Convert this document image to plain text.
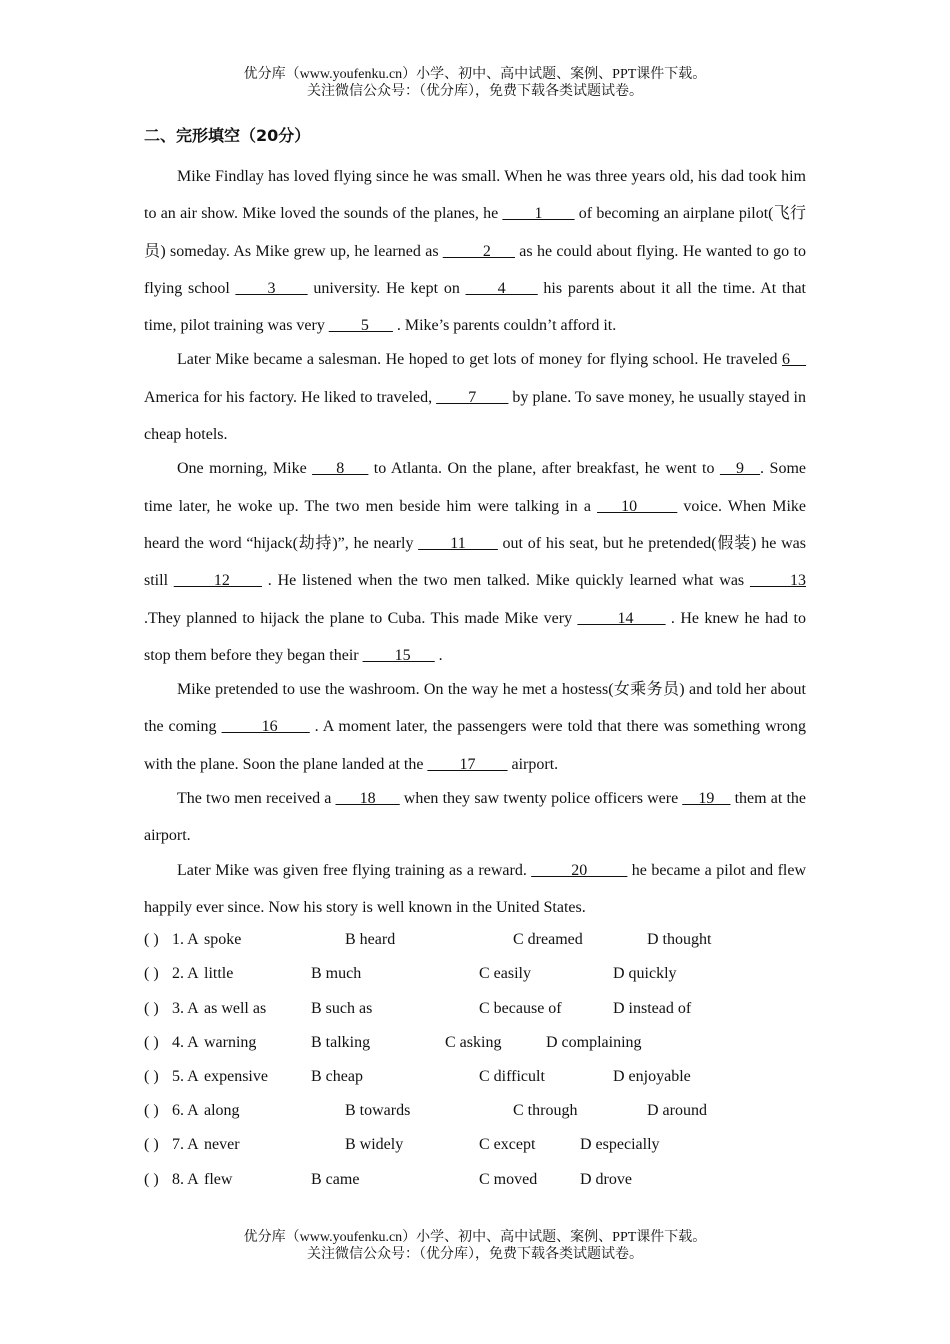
优分库（www.youfenku.cn）小学、初中、高中试题、案例、PPT课件下载。
关注微信公众号：（优分库），免费下载各类试题试卷。
二、完形填空（20分）

Mike Findlay has loved flying since he was small. When he was three years old, his dad took him to an air show. Mike loved the sounds of the planes, he ____1____ of becoming an airplane pilot(飞行员) someday. As Mike grew up, he learned as _____2___ as he could about flying. He wanted to go to flying school ____3____ university. He kept on ____4____ his parents about it all the time. At that time, pilot training was very ____5___ . Mike’s parents couldn’t afford it.

Later Mike became a salesman. He hoped to get lots of money for flying school. He traveled 6__ America for his factory. He liked to traveled, ____7____ by plane. To save money, he usually stayed in cheap hotels.

One morning, Mike ___8___ to Atlanta. On the plane, after breakfast, he went to __9__. Some time later, he woke up. The two men beside him were talking in a ___10_____ voice. When Mike heard the word “hijack(劫持)”, he nearly ____11____ out of his seat, but he pretended(假装) he was still _____12____ . He listened when the two men talked. Mike quickly learned what was _____13 .They planned to hijack the plane to Cuba. This made Mike very _____14____ . He knew he had to stop them before they began their ____15___ .

Mike pretended to use the washroom. On the way he met a hostess(女乘务员) and told her about the coming _____16____ . A moment later, the passengers were told that there was something wrong with the plane. Soon the plane landed at the ____17____ airport.

The two men received a ___18___ when they saw twenty police officers were __19__ them at the airport.

Later Mike was given free flying training as a reward. _____20_____ he became a pilot and flew happily ever since. Now his story is well known in the United States.

( ) 1. A spoke	B heard	C dreamed	D thought
( ) 2. A little	B much	C easily	D quickly
( ) 3. A as well as	B such as	C because of	D instead of
( ) 4. A warning	B talking	C asking	D complaining
( ) 5. A expensive	B cheap	C difficult	D enjoyable
( ) 6. A along	B towards	C through	D around
( ) 7. A never	B widely	C except	D especially
( ) 8. A flew	B came	C moved	D drove
优分库（www.youfenku.cn）小学、初中、高中试题、案例、PPT课件下载。
关注微信公众号：（优分库），免费下载各类试题试卷。
